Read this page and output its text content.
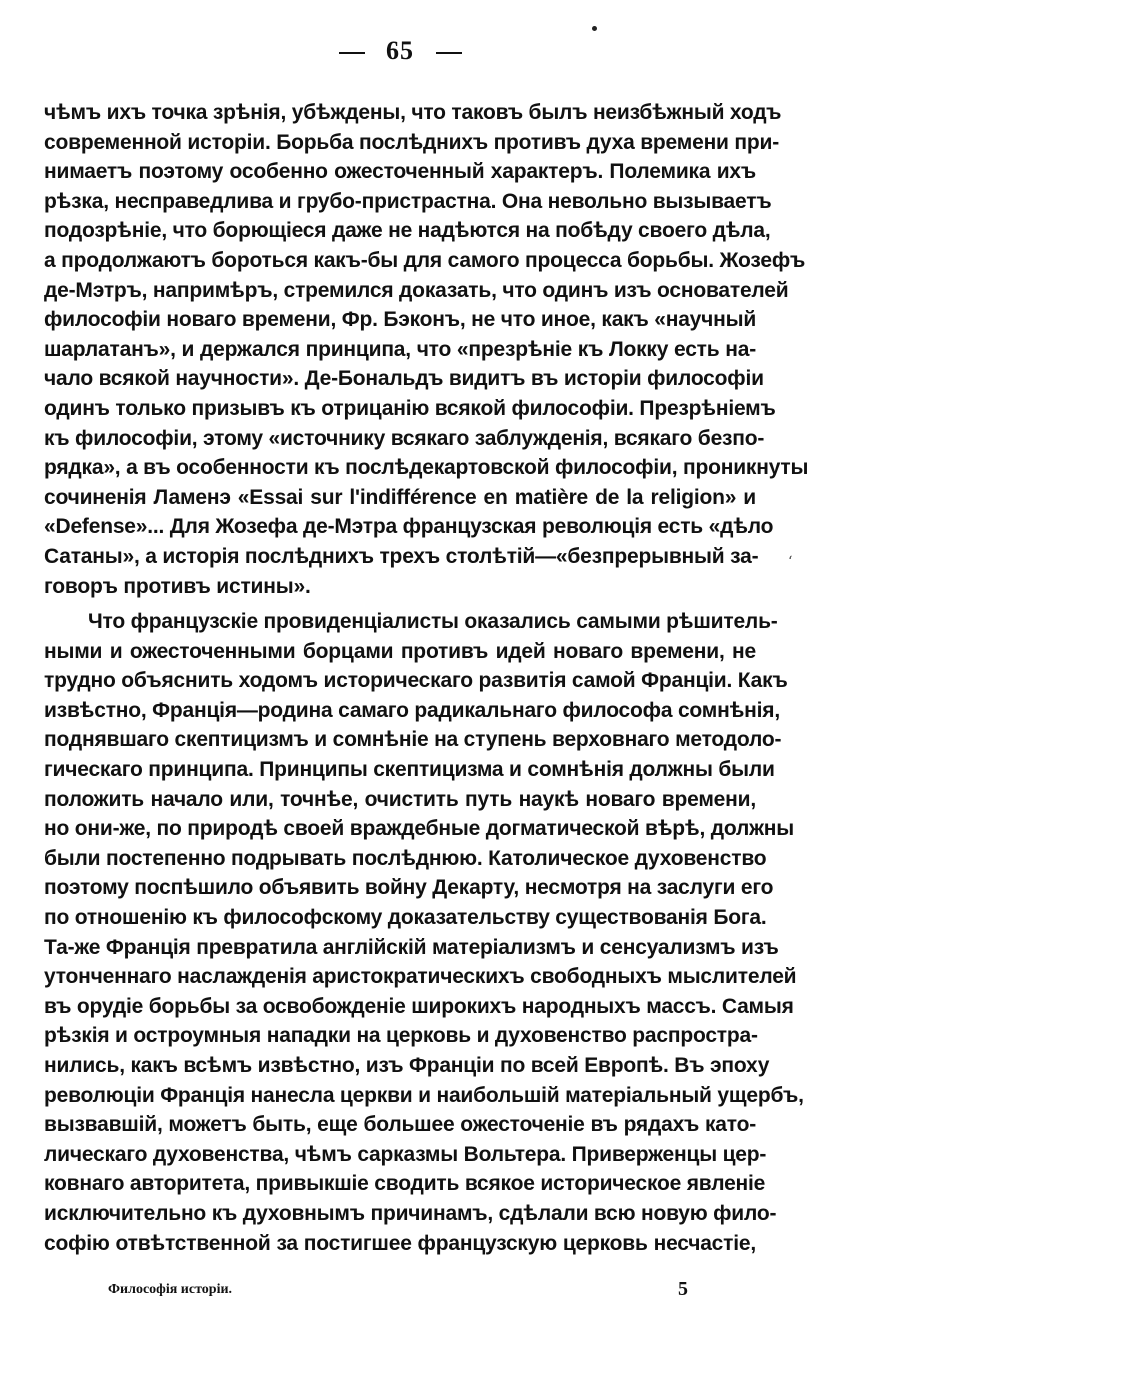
65
чѣмъ ихъ точка зрѣнія, убѣждены, что таковъ былъ неизбѣжный ходъ
современной исторіи. Борьба послѣднихъ противъ духа времени при-
нимаетъ поэтому особенно ожесточенный характеръ. Полемика ихъ
рѣзка, несправедлива и грубо-пристрастна. Она невольно вызываетъ
подозрѣніе, что борющіеся даже не надѣются на побѣду своего дѣла,
а продолжаютъ бороться какъ-бы для самого процесса борьбы. Жозефъ
де-Мэтръ, напримѣръ, стремился доказать, что одинъ изъ основателей
философіи новаго времени, Фр. Бэконъ, не что иное, какъ «научный
шарлатанъ», и держался принципа, что «презрѣніе къ Локку есть на-
чало всякой научности». Де-Бональдъ видитъ въ исторіи философіи
одинъ только призывъ къ отрицанію всякой философіи. Презрѣніемъ
къ философіи, этому «источнику всякаго заблужденія, всякаго безпо-
рядка», а въ особенности къ послѣдекартовской философіи, проникнуты
сочиненія Ламенэ «Essai sur l'indifférence en matière de la religion» и
«Defense»... Для Жозефа де-Мэтра французская революція есть «дѣло
Сатаны», а исторія послѣднихъ трехъ столѣтій—«безпрерывный за-
говоръ противъ истины».
Что французскіе провиденціалисты оказались самыми рѣшитель-
ными и ожесточенными борцами противъ идей новаго времени, не
трудно объяснить ходомъ историческаго развитія самой Франціи. Какъ
извѣстно, Франція—родина самаго радикальнаго философа сомнѣнія,
поднявшаго скептицизмъ и сомнѣніе на ступень верховнаго методоло-
гическаго принципа. Принципы скептицизма и сомнѣнія должны были
положить начало или, точнѣе, очистить путь наукѣ новаго времени,
но они-же, по природѣ своей враждебные догматической вѣрѣ, должны
были постепенно подрывать послѣднюю. Католическое духовенство
поэтому поспѣшило объявить войну Декарту, несмотря на заслуги его
по отношенію къ философскому доказательству существованія Бога.
Та-же Франція превратила англійскій матеріализмъ и сенсуализмъ изъ
утонченнаго наслажденія аристократическихъ свободныхъ мыслителей
въ орудіе борьбы за освобожденіе широкихъ народныхъ массъ. Самыя
рѣзкія и остроумныя нападки на церковь и духовенство распростра-
нились, какъ всѣмъ извѣстно, изъ Франціи по всей Европѣ. Въ эпоху
революціи Франція нанесла церкви и наибольшій матеріальный ущербъ,
вызвавшій, можетъ быть, еще большее ожесточеніе въ рядахъ като-
лическаго духовенства, чѣмъ сарказмы Вольтера. Приверженцы цер-
ковнаго авторитета, привыкшіе сводить всякое историческое явленіе
исключительно къ духовнымъ причинамъ, сдѣлали всю новую фило-
софію отвѣтственной за постигшее французскую церковь несчастіе,
‘
Философія исторіи.	5
